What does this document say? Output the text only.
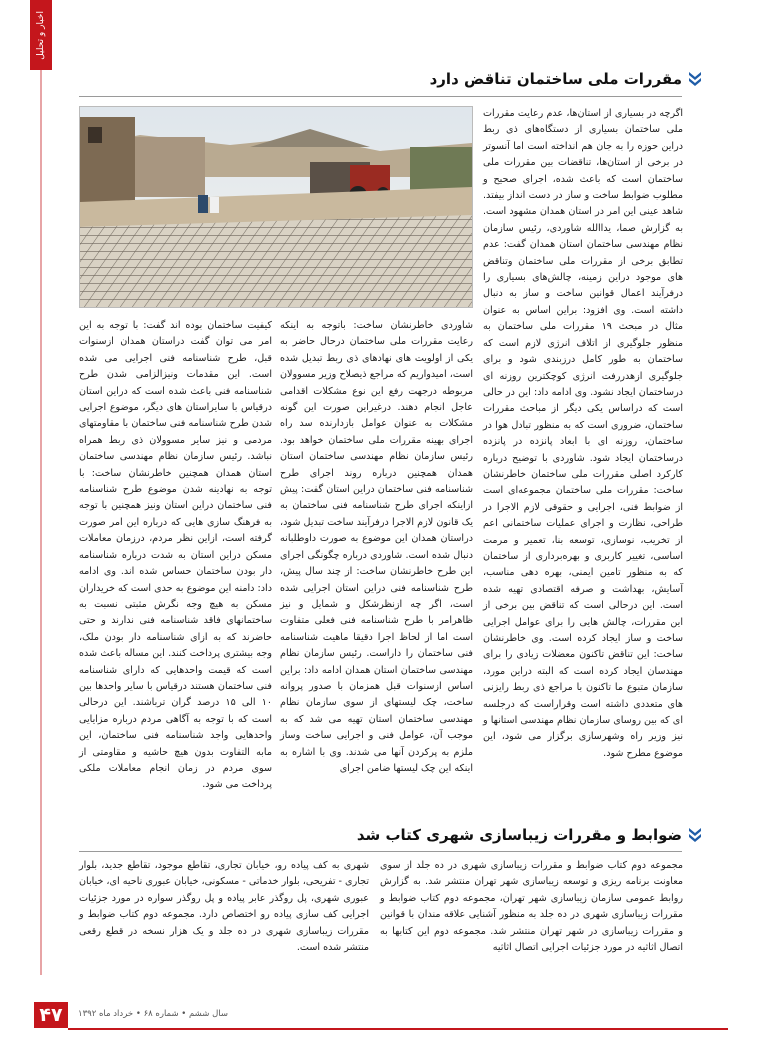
اخبار و تحلیل
مقررات ملی ساختمان تناقض دارد

اگرچه در بسیاری از استان‌ها، عدم رعایت مقررات ملی ساختمان بسیاری از دستگاه‌های ذی ربط دراین حوزه را به جان هم انداخته است اما آنسوتر در برخی از استان‌ها، تناقضات بین مقررات ملی ساختمان است که باعث شده، اجرای صحیح و مطلوب ضوابط ساخت و ساز در دست انداز بیفتد. شاهد عینی این امر در استان همدان مشهود است. به گزارش صما، یداالله شاوردی، رئیس سازمان نظام مهندسی ساختمان استان همدان گفت: عدم تطابق برخی از مقررات ملی ساختمان وتناقض های موجود دراین زمینه، چالش‌های بسیاری را درفرآیند اعمال قوانین ساخت و ساز به دنبال داشته است. وی افزود: براین اساس به عنوان مثال در مبحث ۱۹ مقررات ملی ساختمان به منظور جلوگیری از اتلاف انرژی لازم است که ساختمان به طور کامل درزبندی شود و برای جلوگیری ازهدررفت انرژی کوچکترین روزنه ای درساختمان ایجاد نشود. وی ادامه داد: این در حالی است که دراساس یکی دیگر از مباحث مقررات ساختمان، ضروری است که به منظور تبادل هوا در ساختمان، روزنه ای با ابعاد پانزده در پانزده درساختمان ایجاد شود. شاوردی با توضیح درباره کارکرد اصلی مقررات ملی ساختمان خاطرنشان ساخت: مقررات ملی ساختمان مجموعه‌ای است از ضوابط فنی، اجرایی و حقوقی لازم الاجرا در طراحی، نظارت و اجرای عملیات ساختمانی اعم از تخریب، نوسازی، توسعه بنا، تعمیر و مرمت اساسی، تغییر کاربری و بهره‌برداری از ساختمان که به منظور تامین ایمنی، بهره دهی مناسب، آسایش، بهداشت و صرفه اقتصادی تهیه شده است. این درحالی است که تناقض بین برخی از این مقررات، چالش هایی را برای عوامل اجرایی ساخت و ساز ایجاد کرده است. وی خاطرنشان ساخت: این تناقض تاکنون معضلات زیادی را برای مهندسان ایجاد کرده است که البته دراین مورد، سازمان متبوع ما تاکنون با مراجع ذی ربط رایزنی های متعددی داشته است وقراراست که درجلسه ای که بین روسای سازمان نظام مهندسی استانها و نیز وزیر راه وشهرسازی برگزار می شود، این موضوع مطرح شود.

شاوردی خاطرنشان ساخت: باتوجه به اینکه رعایت مقررات ملی ساختمان درحال حاضر به یکی از اولویت های نهادهای ذی ربط تبدیل شده است، امیدواریم که مراجع ذیصلاح وزیر مسوولان مربوطه درجهت رفع این نوع مشکلات اقدامی عاجل انجام دهند. درغیراین صورت این گونه مشکلات به عنوان عوامل بازدارنده سد راه اجرای بهینه مقررات ملی ساختمان خواهد بود. رئیس سازمان نظام مهندسی ساختمان استان همدان همچنین درباره روند اجرای طرح شناسنامه فنی ساختمان دراین استان گفت: پیش ازاینکه اجرای طرح شناسنامه فنی ساختمان به یک قانون لازم الاجرا درفرآیند ساخت تبدیل شود، دراستان همدان این موضوع به صورت داوطلبانه دنبال شده است. شاوردی درباره چگونگی اجرای این طرح خاطرنشان ساخت: از چند سال پیش، طرح شناسنامه فنی دراین استان اجرایی شده است، اگر چه ازنظرشکل و شمایل و نیز ظاهرامر با طرح شناسنامه فنی فعلی متفاوت است اما از لحاظ اجرا دقیقا ماهیت شناسنامه فنی ساختمان را داراست. رئیس سازمان نظام مهندسی ساختمان استان همدان ادامه داد: براین اساس ازسنوات قبل همزمان با صدور پروانه ساخت، چک لیستهای از سوی سازمان نظام مهندسی ساختمان استان تهیه می شد که به موجب آن، عوامل فنی و اجرایی ساخت وساز ملزم به پرکردن آنها می شدند. وی با اشاره به اینکه این چک لیستها ضامن اجرای

کیفیت ساختمان بوده اند گفت: با توجه به این امر می توان گفت دراستان همدان ازسنوات قبل، طرح شناسنامه فنی اجرایی می شده است. این مقدمات ونیزالزامی شدن طرح شناسنامه فنی باعث شده است که دراین استان درقیاس با سایراستان های دیگر، موضوع اجرایی شدن طرح شناسنامه فنی ساختمان با مقاومتهای مردمی و نیز سایر مسوولان ذی ربط همراه نباشد. رئیس سازمان نظام مهندسی ساختمان استان همدان همچنین خاطرنشان ساخت: با توجه به نهادینه شدن موضوع طرح شناسنامه فنی ساختمان دراین استان ونیز همچنین با توجه به فرهنگ سازی هایی که درباره این امر صورت گرفته است، ازاین نظر مردم، درزمان معاملات مسکن دراین استان به شدت درباره شناسنامه دار بودن ساختمان حساس شده اند. وی ادامه داد: دامنه این موضوع به حدی است که خریداران مسکن به هیچ وجه نگرش مثبتی نسبت به ساختمانهای فاقد شناسنامه فنی ندارند و حتی حاضرند که به ازای شناسنامه دار بودن ملک، وجه بیشتری پرداخت کنند. این مساله باعث شده است که قیمت واحدهایی که دارای شناسنامه فنی ساختمان هستند درقیاس با سایر واحدها بین ۱۰ الی ۱۵ درصد گران ترباشند. این درحالی است که با توجه به آگاهی مردم درباره مزایایی واحدهایی واجد شناسنامه فنی ساختمان، این مابه التفاوت بدون هیچ حاشیه و مقاومتی از سوی مردم در زمان انجام معاملات ملکی پرداخت می شود.

ضوابط و مقررات زیباسازی شهری کتاب شد

مجموعه دوم کتاب ضوابط و مقررات زیباسازی شهری در ده جلد از سوی معاونت برنامه ریزی و توسعه زیباسازی شهر تهران منتشر شد. به گزارش روابط عمومی سازمان زیباسازی شهر تهران، مجموعه دوم کتاب ضوابط و مقررات زیباسازی شهری در ده جلد به منظور آشنایی علاقه مندان با قوانین و مقررات زیباسازی در شهر تهران منتشر شد. مجموعه دوم این کتابها به اتصال اثاثیه در مورد جزئیات اجرایی اتصال اثاثیه

شهری به کف پیاده رو، خیابان تجاری، تقاطع موجود، تقاطع جدید، بلوار تجاری - تفریحی، بلوار خدماتی - مسکونی، خیابان عبوری ناحیه ای، خیابان عبوری شهری، پل روگذر عابر پیاده و پل روگذر سواره در مورد جزئیات اجرایی کف سازی پیاده رو اختصاص دارد. مجموعه دوم کتاب ضوابط و مقررات زیباسازی شهری در ده جلد و یک هزار نسخه در قطع رقعی منتشر شده است.

۴۷ سال ششم • شماره ۶۸ • خرداد ماه ۱۳۹۲
